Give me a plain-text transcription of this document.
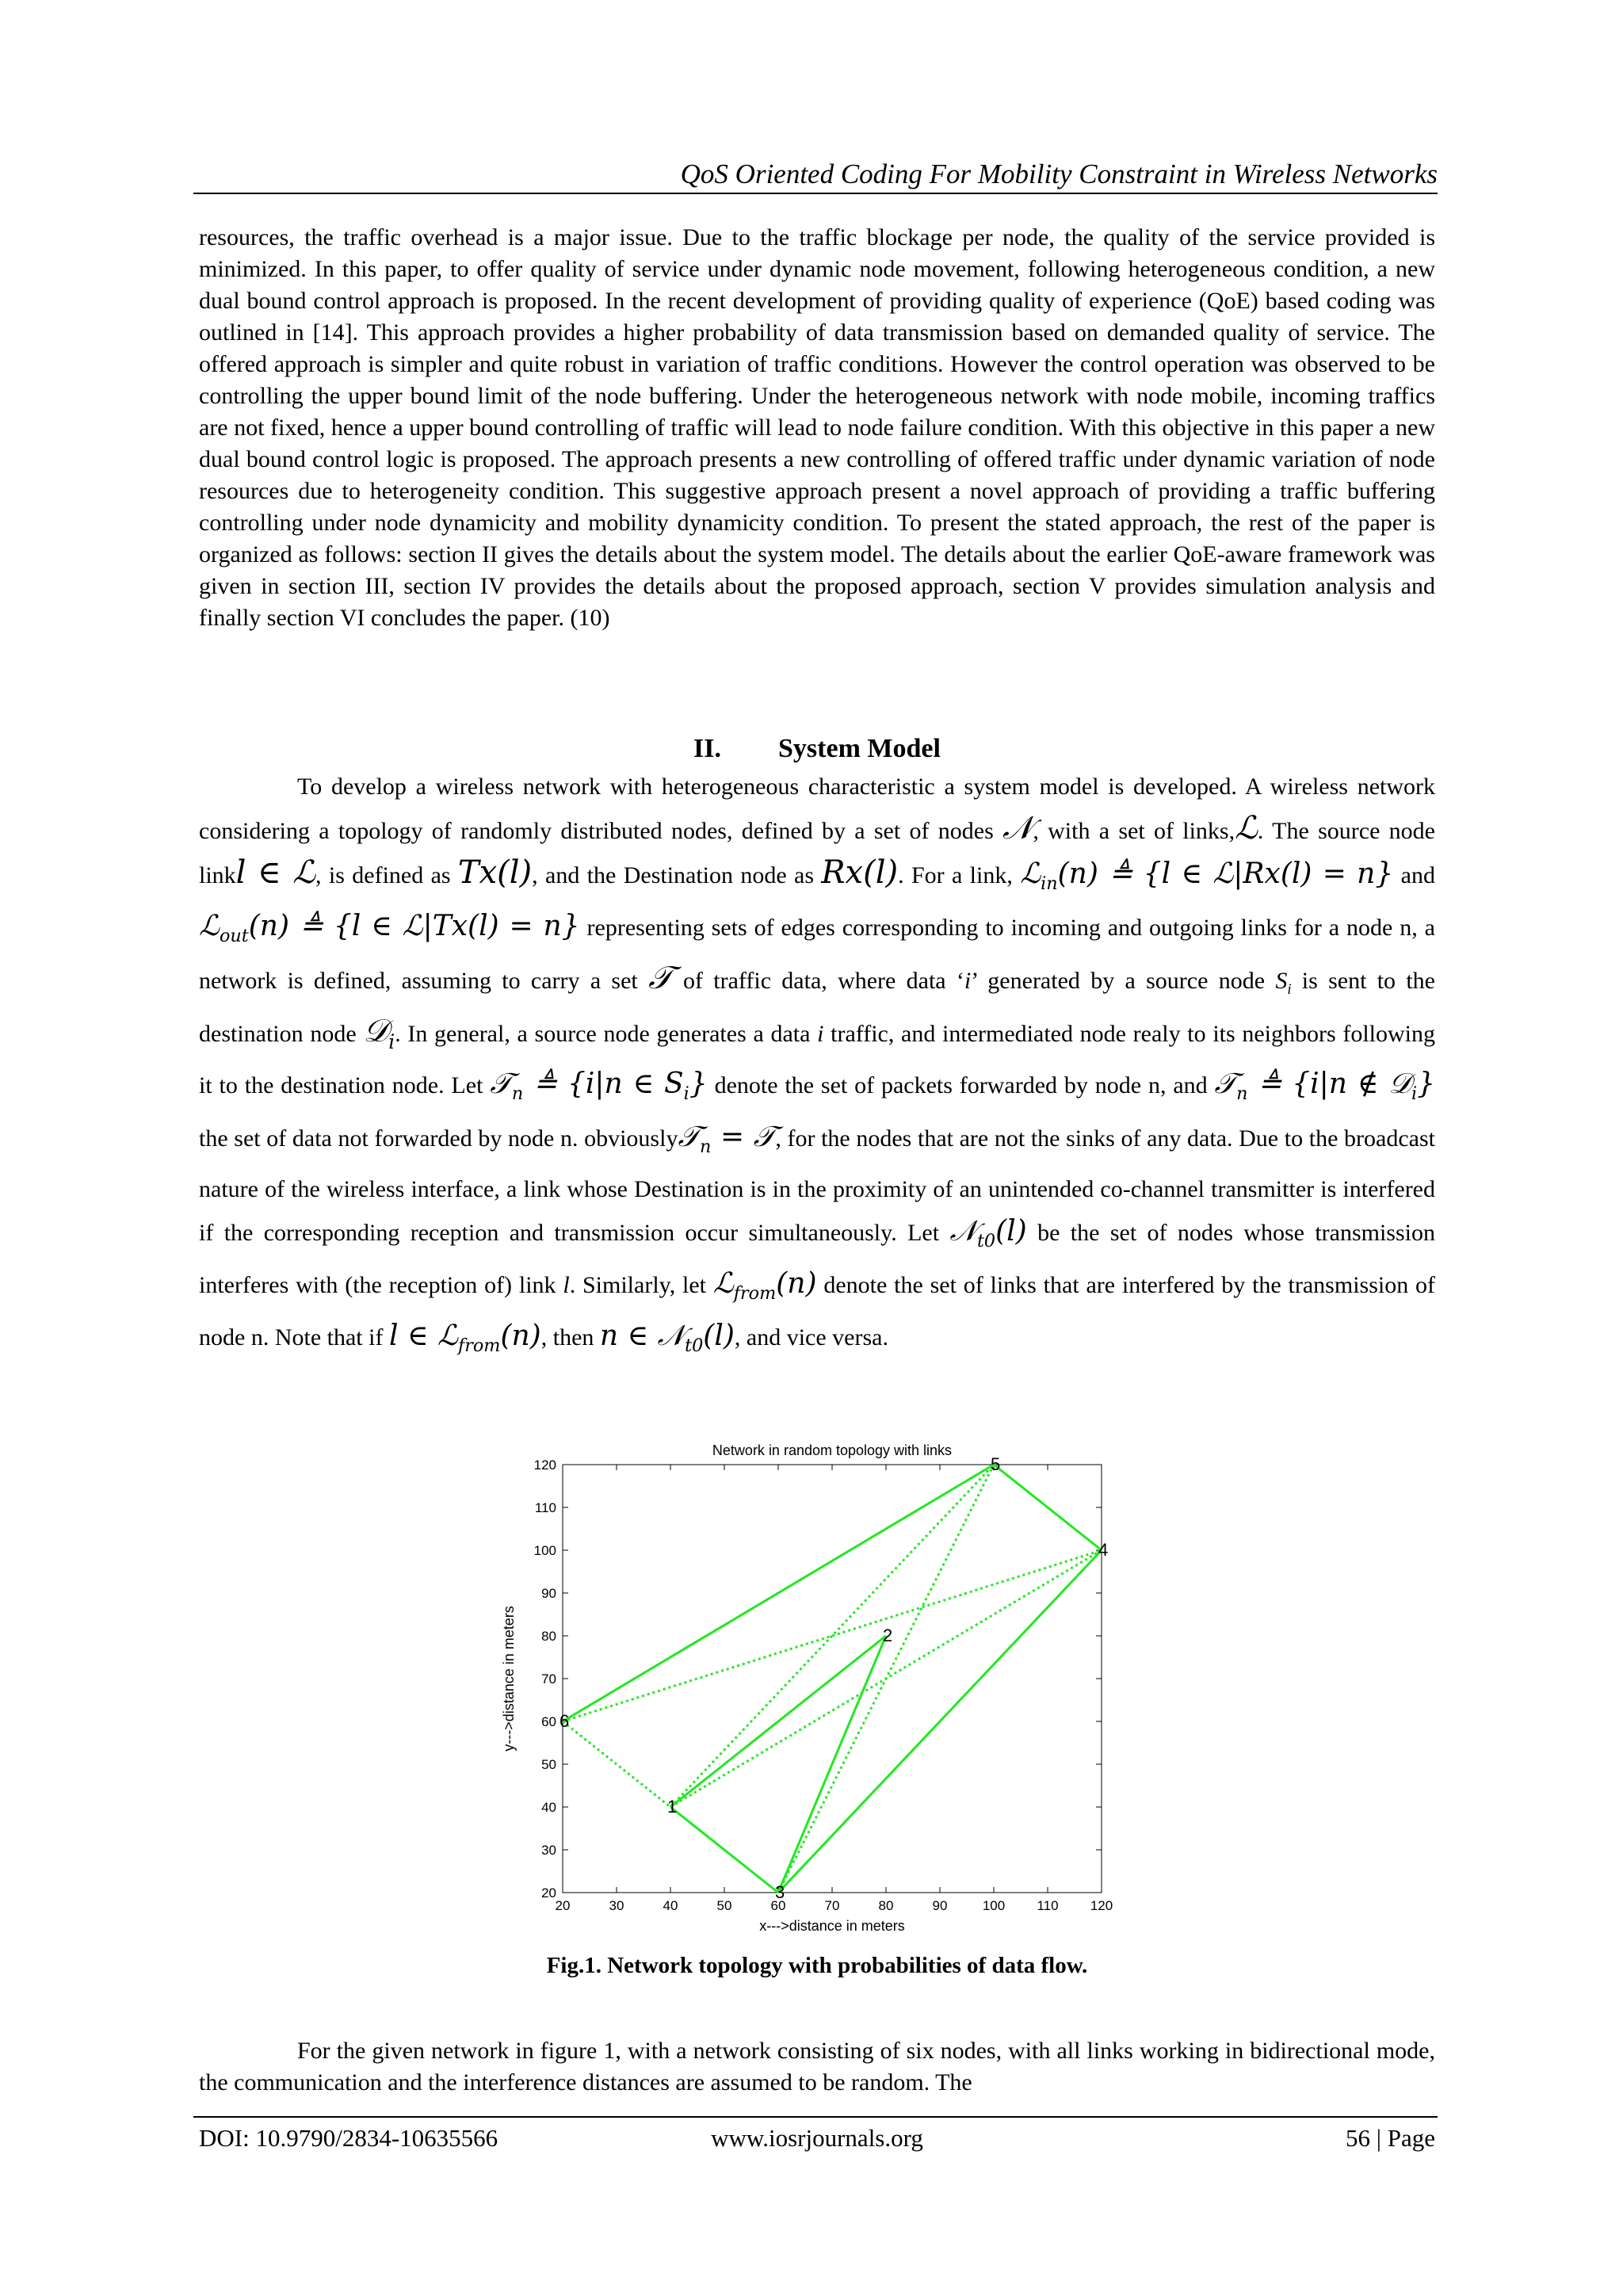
QoS Oriented Coding For Mobility Constraint in Wireless Networks

resources, the traffic overhead is a major issue. Due to the traffic blockage per node, the quality of the service provided is minimized. In this paper, to offer quality of service under dynamic node movement, following heterogeneous condition, a new dual bound control approach is proposed. In the recent development of providing quality of experience (QoE) based coding was outlined in [14]. This approach provides a higher probability of data transmission based on demanded quality of service. The offered approach is simpler and quite robust in variation of traffic conditions. However the control operation was observed to be controlling the upper bound limit of the node buffering. Under the heterogeneous network with node mobile, incoming traffics are not fixed, hence a upper bound controlling of traffic will lead to node failure condition. With this objective in this paper a new dual bound control logic is proposed. The approach presents a new controlling of offered traffic under dynamic variation of node resources due to heterogeneity condition. This suggestive approach present a novel approach of providing a traffic buffering controlling under node dynamicity and mobility dynamicity condition. To present the stated approach, the rest of the paper is organized as follows: section II gives the details about the system model. The details about the earlier QoE-aware framework was given in section III, section IV provides the details about the proposed approach, section V provides simulation analysis and finally section VI concludes the paper. (10)

II. System Model

To develop a wireless network with heterogeneous characteristic a system model is developed. A wireless network considering a topology of randomly distributed nodes, defined by a set of nodes 𝒩, with a set of links,ℒ. The source node linkl ∈ ℒ, is defined as Tx(l), and the Destination node as Rx(l). For a link, ℒ$_{in}$(n) ≜ {l ∈ ℒ|Rx(l) = n} and ℒ$_{out}$(n) ≜ {l ∈ ℒ|Tx(l) = n} representing sets of edges corresponding to incoming and outgoing links for a node n, a network is defined, assuming to carry a set 𝒯 of traffic data, where data ‘i’ generated by a source node $S_i$ is sent to the destination node 𝒟$_i$. In general, a source node generates a data i traffic, and intermediated node realy to its neighbors following it to the destination node. Let 𝒯$_n$ ≜ {i|n ∈ $S_i$} denote the set of packets forwarded by node n, and 𝒯$_n$ ≜ {i|n ∉ 𝒟$_i$} the set of data not forwarded by node n. obviously𝒯$_n$ = 𝒯, for the nodes that are not the sinks of any data. Due to the broadcast nature of the wireless interface, a link whose Destination is in the proximity of an unintended co-channel transmitter is interfered if the corresponding reception and transmission occur simultaneously. Let 𝒩$_{t0}$(l) be the set of nodes whose transmission interferes with (the reception of) link l. Similarly, let ℒ$_{from}$(n) denote the set of links that are interfered by the transmission of node n. Note that if l ∈ ℒ$_{from}$(n), then n ∈ 𝒩$_{t0}$(l), and vice versa.

Network in random topology with links
20	30	40	50	60	70	80	90	100 110 120
20
30
40
50
60
70
80
90
100
110
120
x--->distance in meters
y--->distance in meters
1
2
3
4
5
6
Fig.1. Network topology with probabilities of data flow.

For the given network in figure 1, with a network consisting of six nodes, with all links working in bidirectional mode, the communication and the interference distances are assumed to be random. The

DOI: 10.9790/2834-10635566	www.iosrjournals.org	56 | Page
